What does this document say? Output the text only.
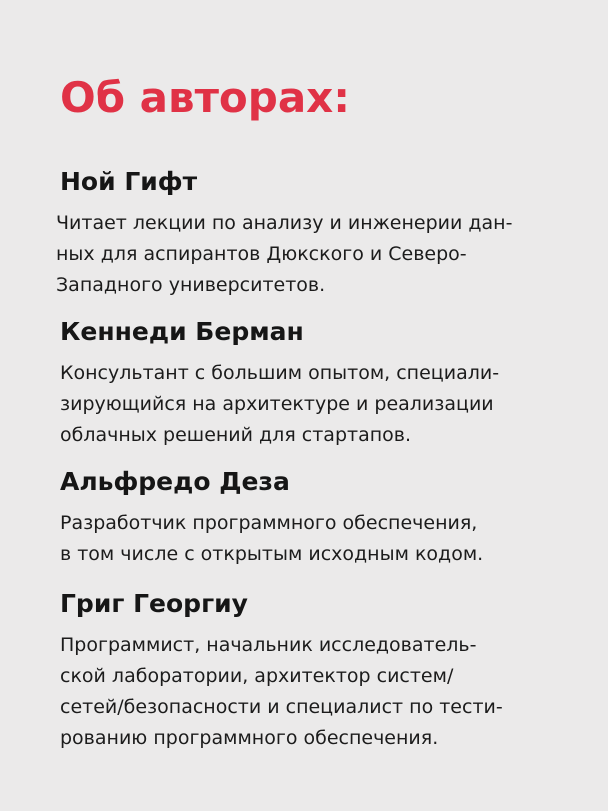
Об авторах:
Ной Гифт

Читает лекции по анализу и инженерии дан-
ных для аспирантов Дюкского и Северо-
Западного университетов.

Кеннеди Берман

Консультант с большим опытом, специали-
зирующийся на архитектуре и реализации
облачных решений для стартапов.

Альфредо Деза

Разработчик программного обеспечения,
в том числе с открытым исходным кодом.

Григ Георгиу

Программист, начальник исследователь-
ской лаборатории, архитектор систем/
сетей/безопасности и специалист по тести-
рованию программного обеспечения.
